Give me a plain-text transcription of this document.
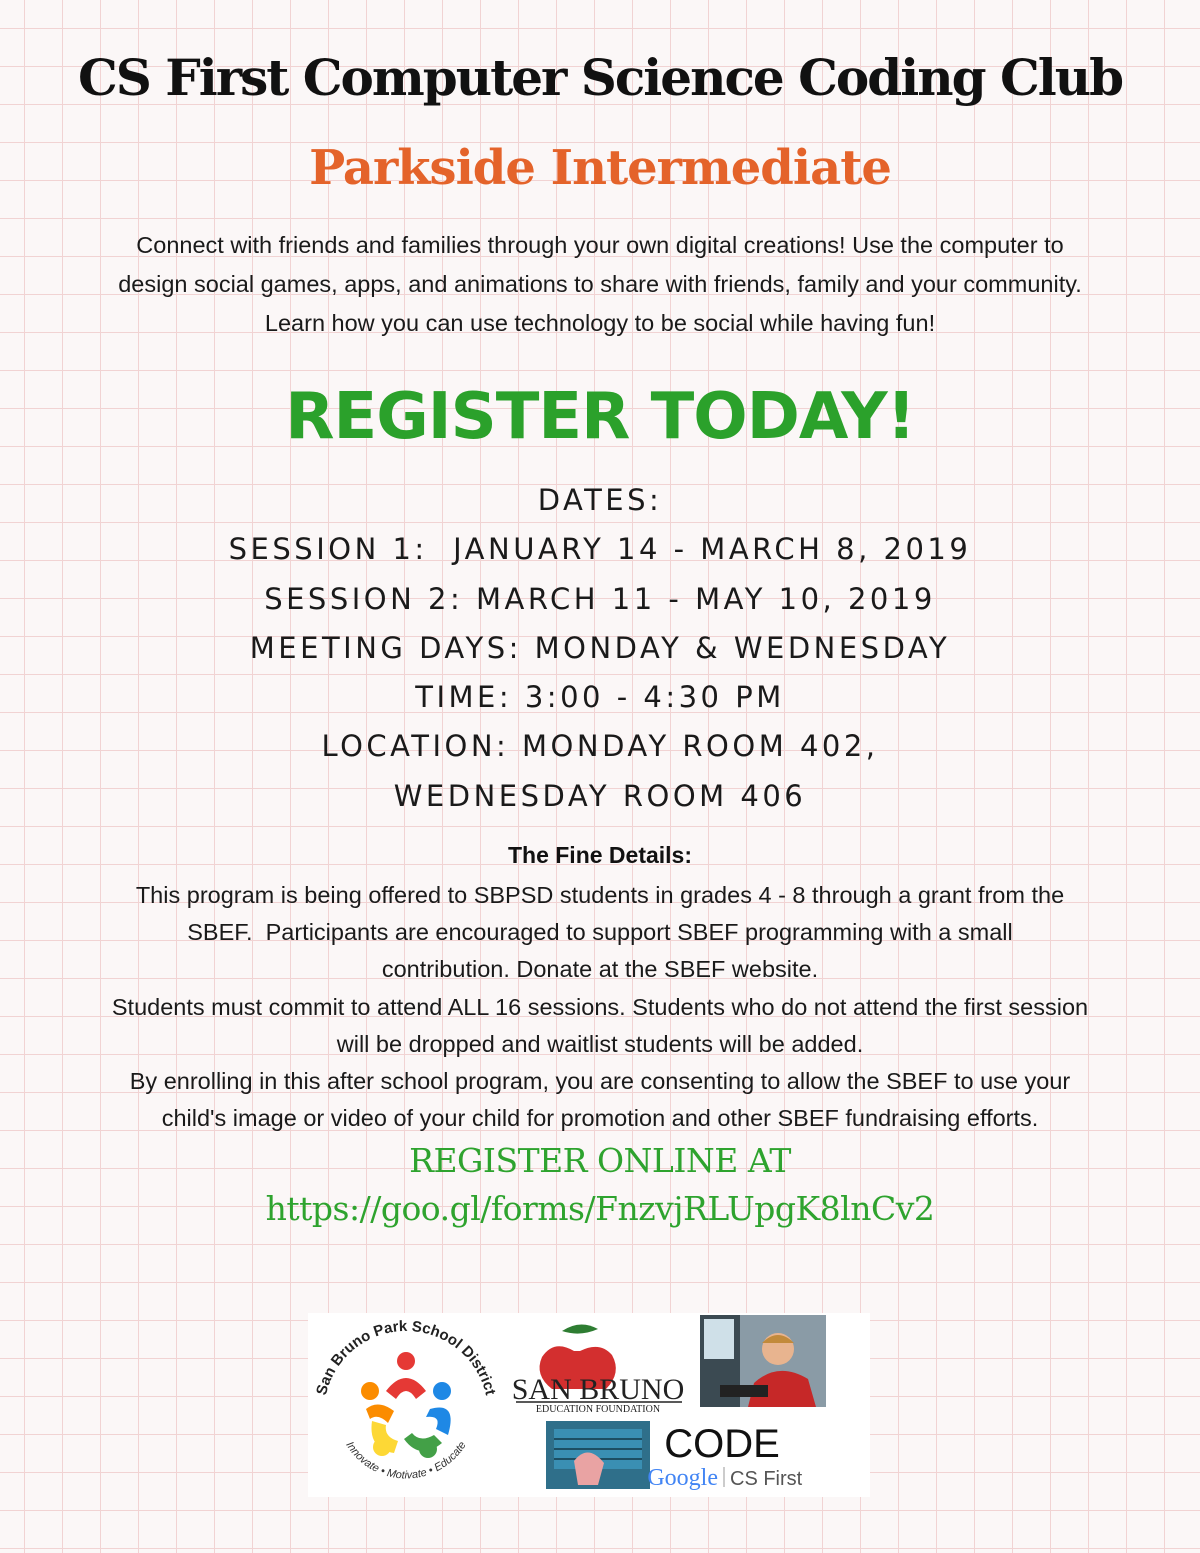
CS First Computer Science Coding Club
Parkside Intermediate
Connect with friends and families through your own digital creations! Use the computer to
design social games, apps, and animations to share with friends, family and your community.
Learn how you can use technology to be social while having fun!
REGISTER TODAY!
DATES:
SESSION 1:  JANUARY 14 - MARCH 8, 2019
SESSION 2: MARCH 11 - MAY 10, 2019
MEETING DAYS: MONDAY & WEDNESDAY
TIME: 3:00 - 4:30 PM
LOCATION: MONDAY ROOM 402,
WEDNESDAY ROOM 406
The Fine Details:
This program is being offered to SBPSD students in grades 4 - 8 through a grant from the
SBEF.  Participants are encouraged to support SBEF programming with a small
contribution. Donate at the SBEF website.
Students must commit to attend ALL 16 sessions. Students who do not attend the first session
will be dropped and waitlist students will be added.
By enrolling in this after school program, you are consenting to allow the SBEF to use your
child's image or video of your child for promotion and other SBEF fundraising efforts.
REGISTER ONLINE AT
https://goo.gl/forms/FnzvjRLUpgK8lnCv2
San Bruno Park School District
Innovate • Motivate • Educate
SAN BRUNO
EDUCATION FOUNDATION
CODE
Google CS First
